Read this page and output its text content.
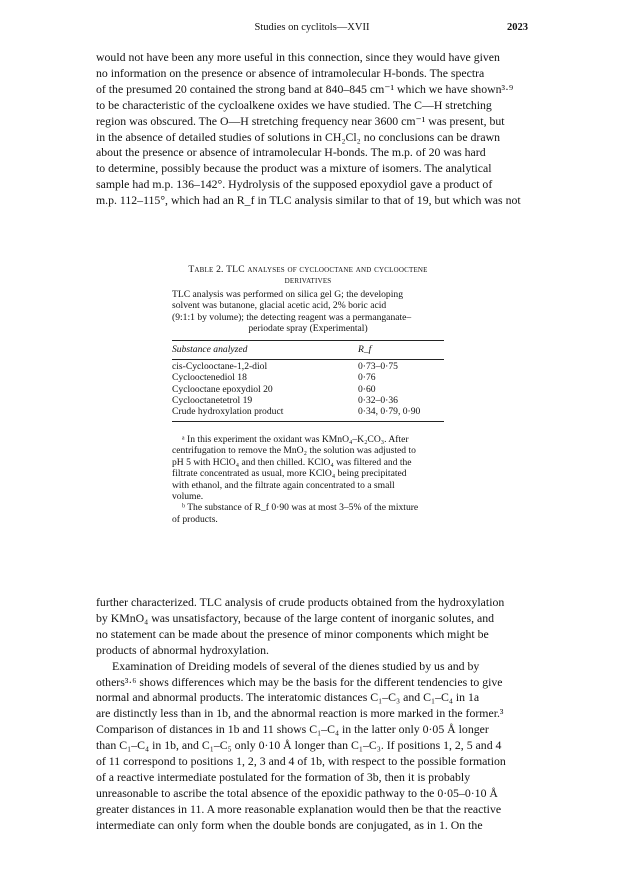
Studies on cyclitols—XVII	2023
would not have been any more useful in this connection, since they would have given
no information on the presence or absence of intramolecular H-bonds. The spectra
of the presumed 20 contained the strong band at 840–845 cm⁻¹ which we have shown³·⁹
to be characteristic of the cycloalkene oxides we have studied. The C—H stretching
region was obscured. The O—H stretching frequency near 3600 cm⁻¹ was present, but
in the absence of detailed studies of solutions in CH₂Cl₂ no conclusions can be drawn
about the presence or absence of intramolecular H-bonds. The m.p. of 20 was hard
to determine, possibly because the product was a mixture of isomers. The analytical
sample had m.p. 136–142°. Hydrolysis of the supposed epoxydiol gave a product of
m.p. 112–115°, which had an R_f in TLC analysis similar to that of 19, but which was not
Table 2. TLC analyses of cyclooctane and cyclooctene
derivatives
TLC analysis was performed on silica gel G; the developing
solvent was butanone, glacial acetic acid, 2% boric acid
(9:1:1 by volume); the detecting reagent was a permanganate–
periodate spray (Experimental)
Substance analyzed	R_f
cis-Cyclooctane-1,2-diol	0·73–0·75
Cyclooctenediol 18	0·76
Cyclooctane epoxydiol 20	0·60
Cyclooctanetetrol 19	0·32–0·36
Crude hydroxylation product	0·34, 0·79, 0·90
ᵃ In this experiment the oxidant was KMnO₄–K₂CO₃. After
centrifugation to remove the MnO₂ the solution was adjusted to
pH 5 with HClO₄ and then chilled. KClO₄ was filtered and the
filtrate concentrated as usual, more KClO₄ being precipitated
with ethanol, and the filtrate again concentrated to a small
volume.
ᵇ The substance of R_f 0·90 was at most 3–5% of the mixture
of products.
further characterized. TLC analysis of crude products obtained from the hydroxylation
by KMnO₄ was unsatisfactory, because of the large content of inorganic solutes, and
no statement can be made about the presence of minor components which might be
products of abnormal hydroxylation.
Examination of Dreiding models of several of the dienes studied by us and by
others³·⁶ shows differences which may be the basis for the different tendencies to give
normal and abnormal products. The interatomic distances C₁–C₃ and C₁–C₄ in 1a
are distinctly less than in 1b, and the abnormal reaction is more marked in the former.³
Comparison of distances in 1b and 11 shows C₁–C₄ in the latter only 0·05 Å longer
than C₁–C₄ in 1b, and C₁–C₅ only 0·10 Å longer than C₁–C₃. If positions 1, 2, 5 and 4
of 11 correspond to positions 1, 2, 3 and 4 of 1b, with respect to the possible formation
of a reactive intermediate postulated for the formation of 3b, then it is probably
unreasonable to ascribe the total absence of the epoxidic pathway to the 0·05–0·10 Å
greater distances in 11. A more reasonable explanation would then be that the reactive
intermediate can only form when the double bonds are conjugated, as in 1. On the
